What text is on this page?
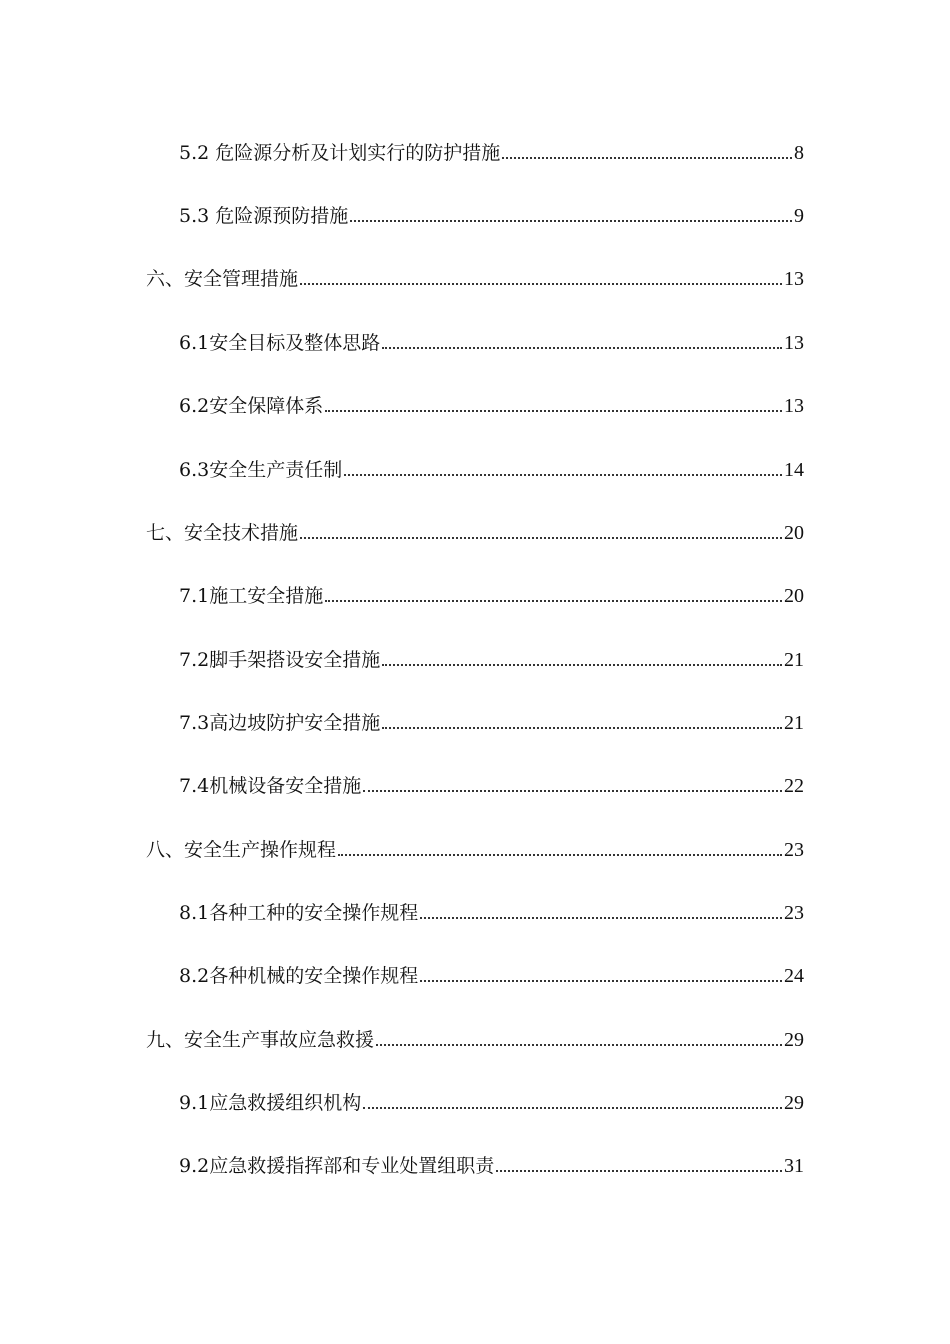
5.2 危险源分析及计划实行的防护措施	8
5.3 危险源预防措施	9
六、安全管理措施	13
6.1安全目标及整体思路	13
6.2安全保障体系	13
6.3安全生产责任制	14
七、安全技术措施	20
7.1施工安全措施	20
7.2脚手架搭设安全措施	21
7.3高边坡防护安全措施	21
7.4机械设备安全措施	22
八、安全生产操作规程	23
8.1各种工种的安全操作规程	23
8.2各种机械的安全操作规程	24
九、安全生产事故应急救援	29
9.1应急救援组织机构	29
9.2应急救援指挥部和专业处置组职责	31
